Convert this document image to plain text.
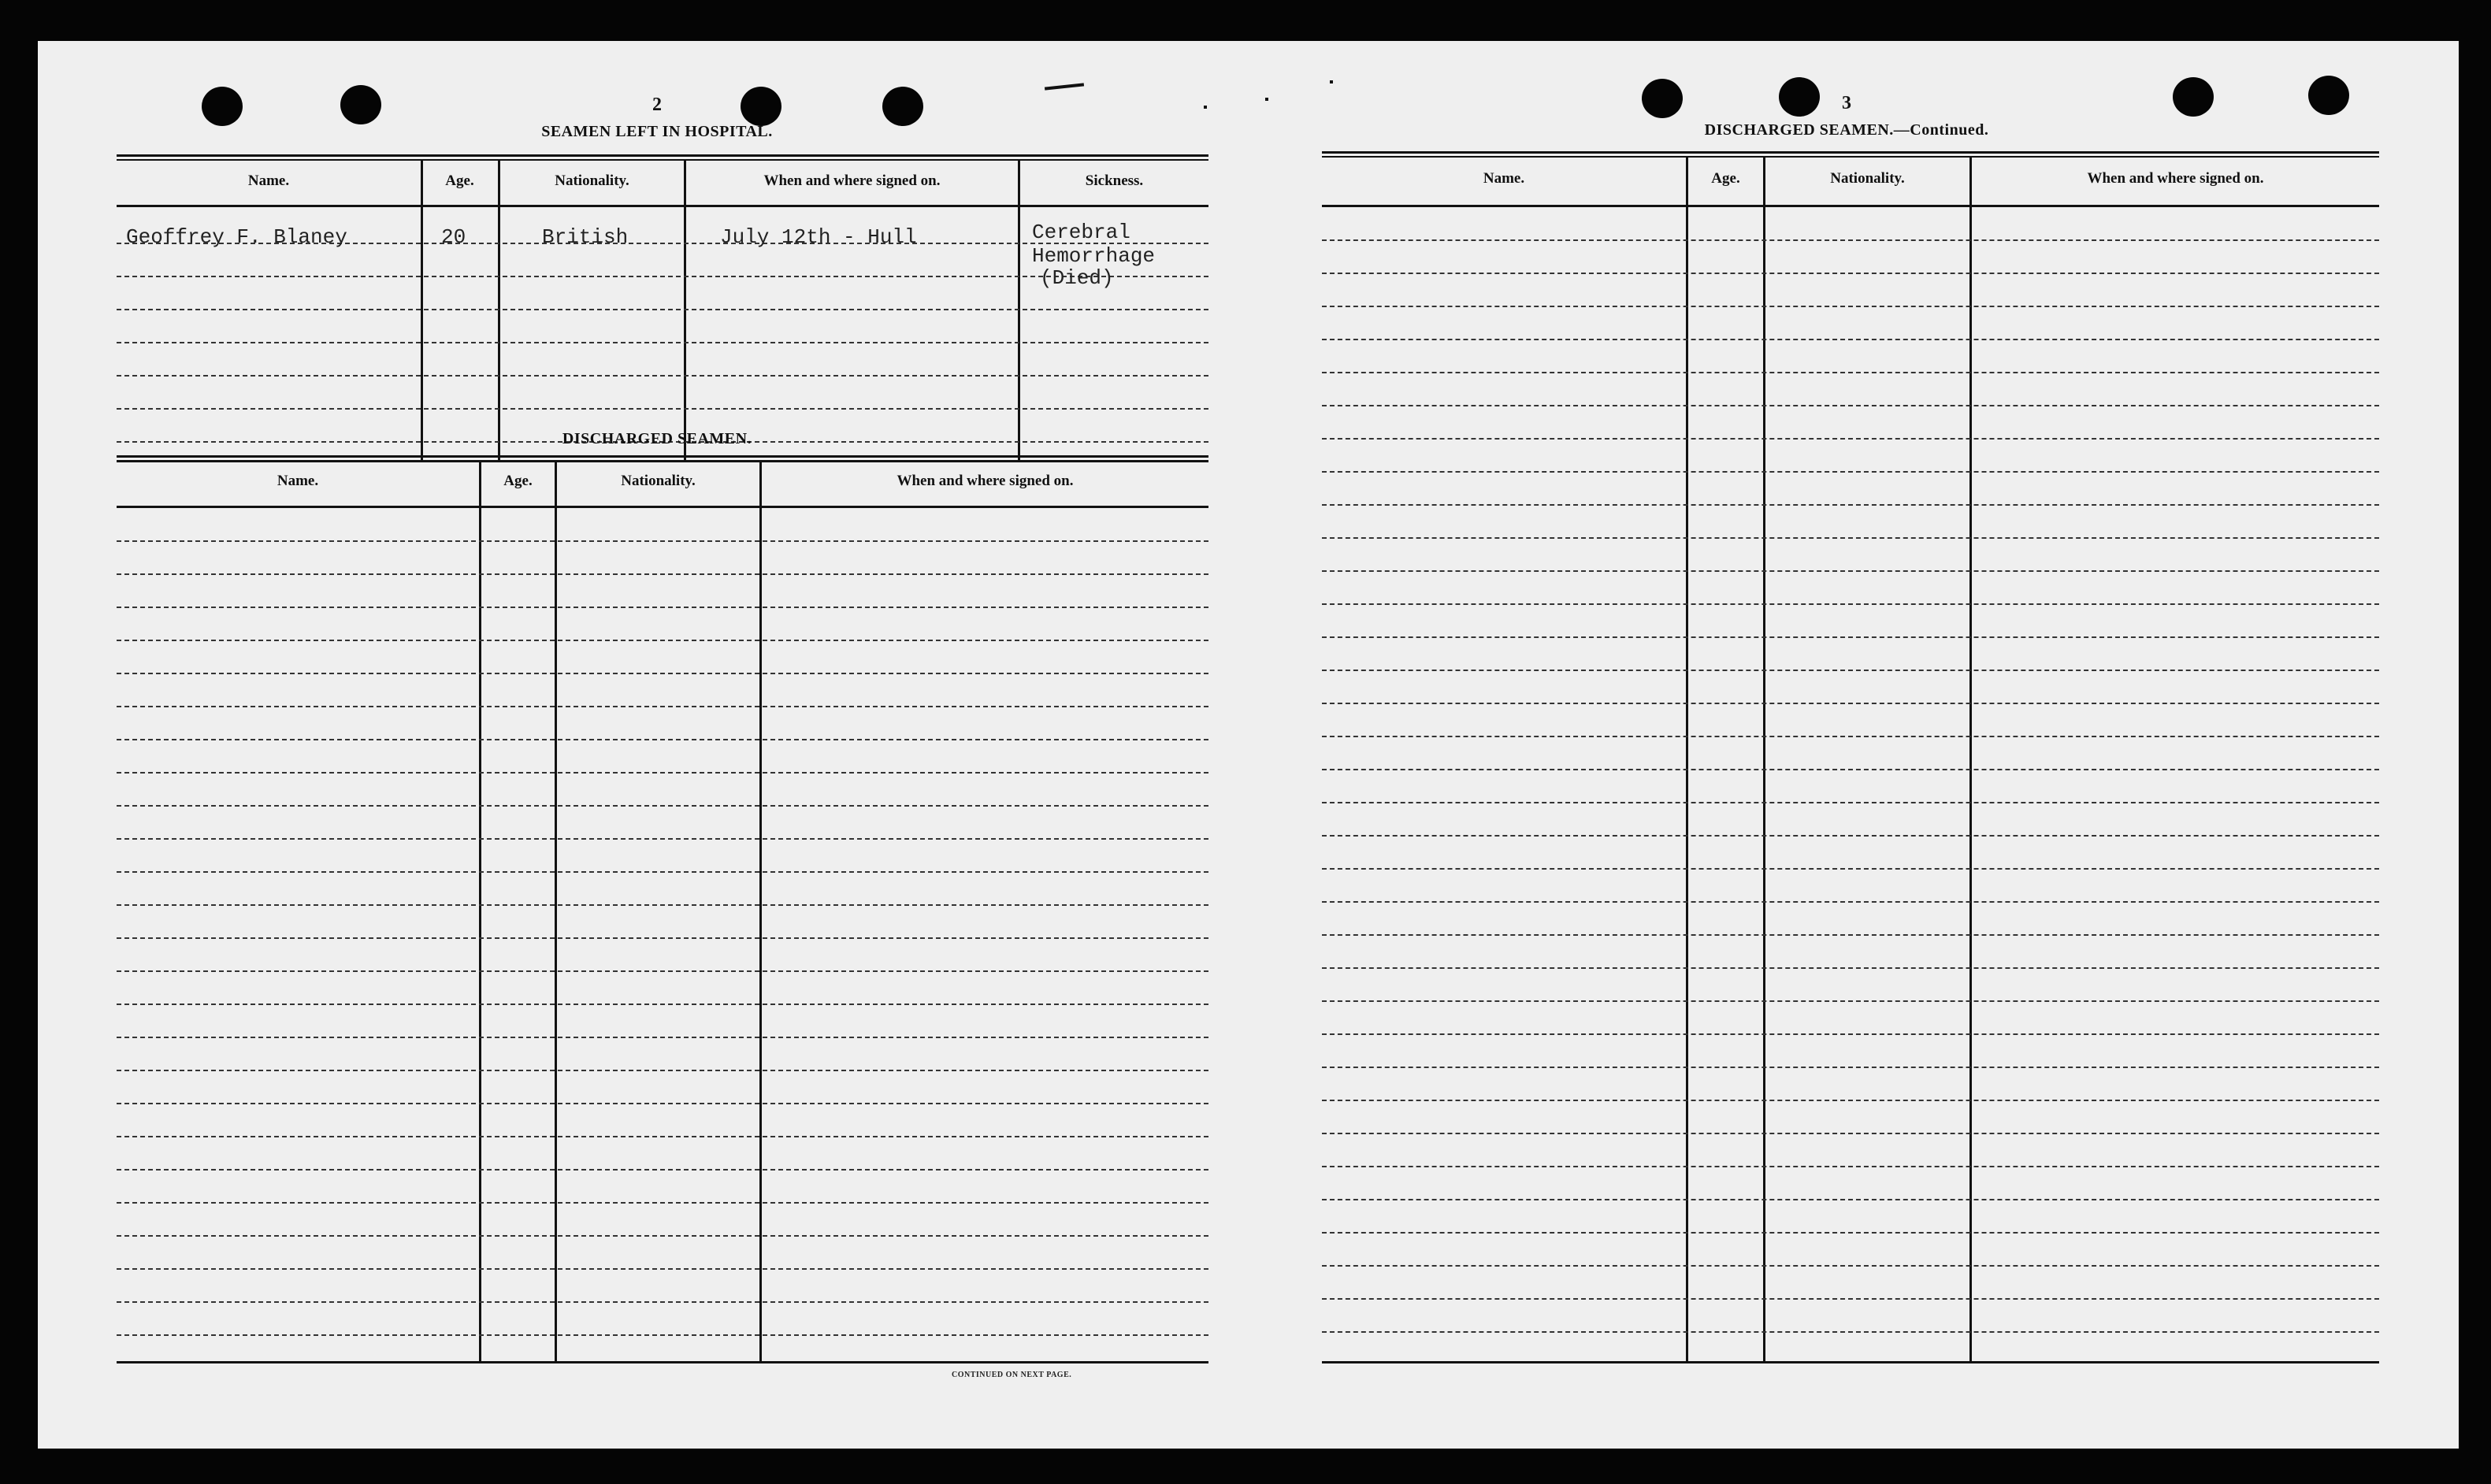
2
SEAMEN LEFT IN HOSPITAL.
Name.	Age.	Nationality.	When and where signed on.	Sickness.
Geoffrey F. Blaney	20	British	July 12th - Hull	Cerebral
Hemorrhage
(Died)
DISCHARGED SEAMEN.
Name.	Age.	Nationality.	When and where signed on.
CONTINUED ON NEXT PAGE.
3
DISCHARGED SEAMEN.—Continued.
Name.	Age.	Nationality.	When and where signed on.
